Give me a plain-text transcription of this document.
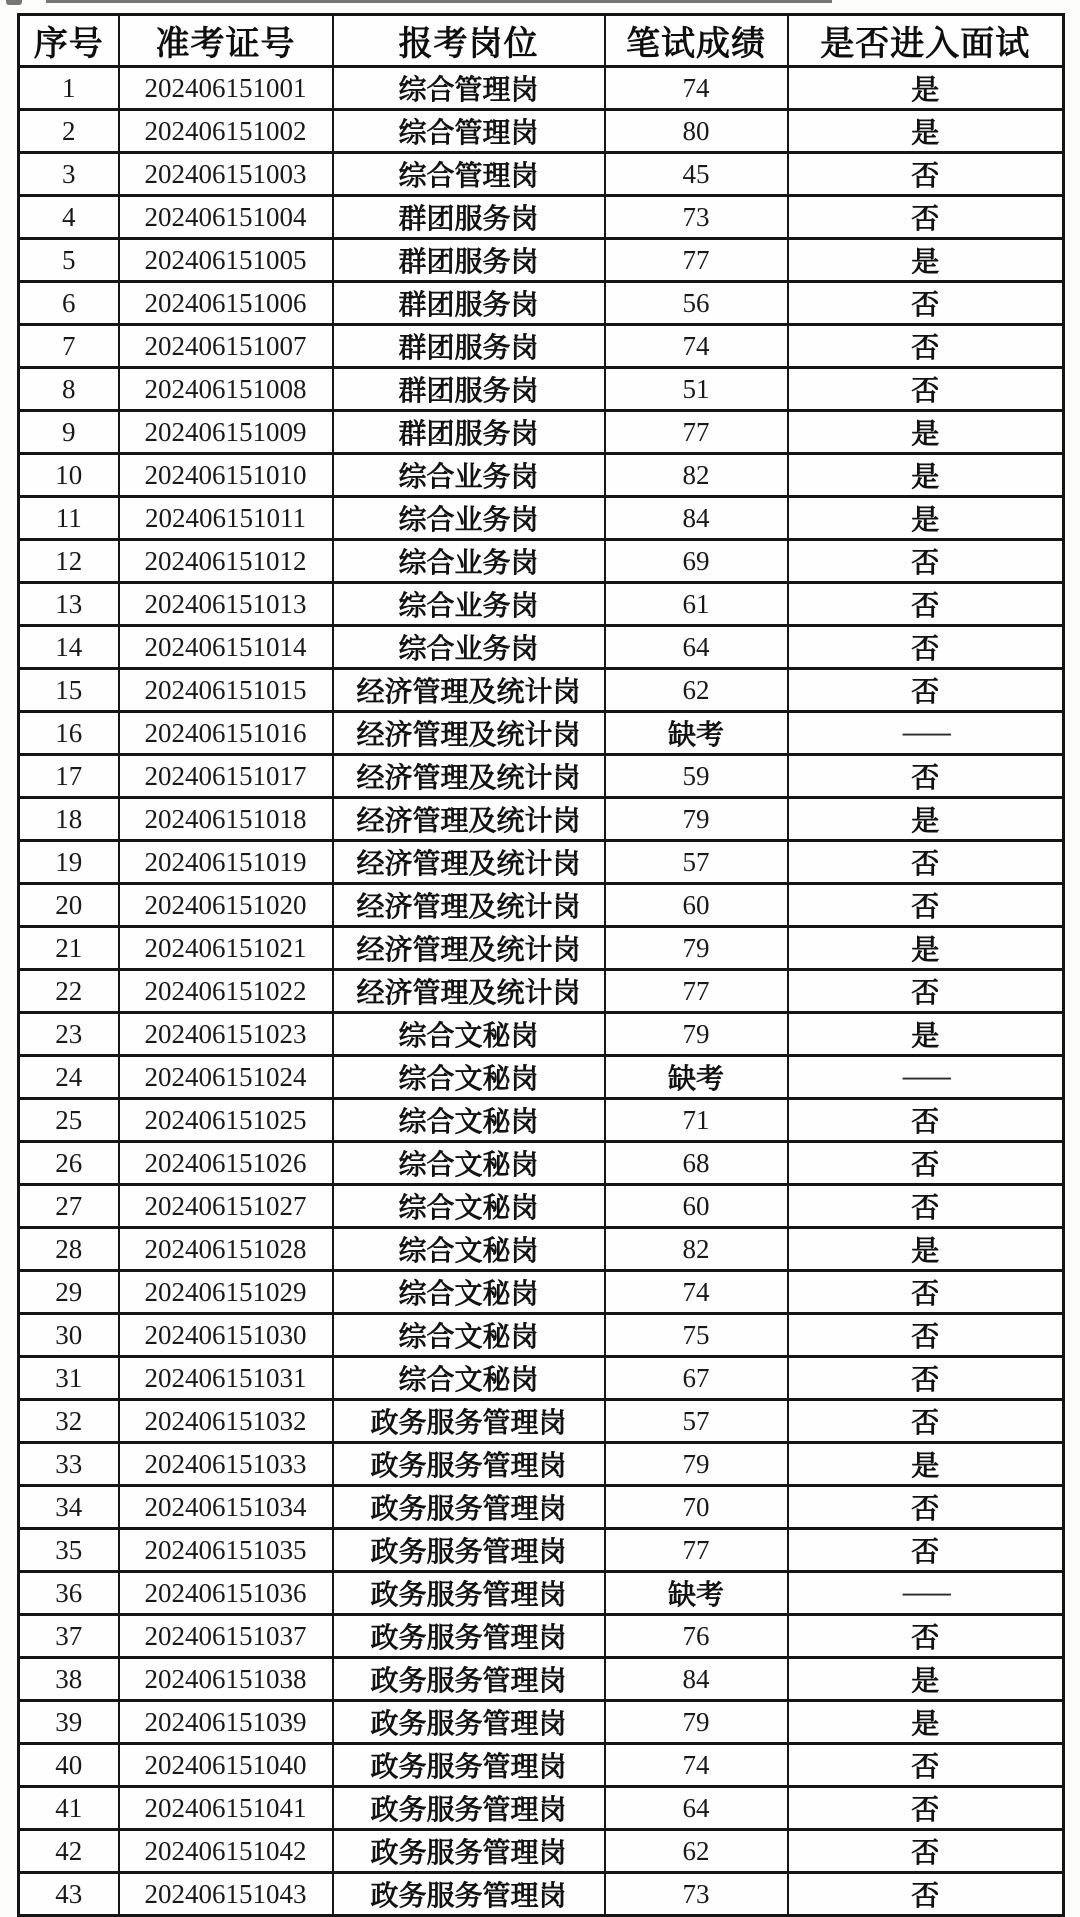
序号	准考证号	报考岗位	笔试成绩	是否进入面试
1	202406151001	综合管理岗	74	是
2	202406151002	综合管理岗	80	是
3	202406151003	综合管理岗	45	否
4	202406151004	群团服务岗	73	否
5	202406151005	群团服务岗	77	是
6	202406151006	群团服务岗	56	否
7	202406151007	群团服务岗	74	否
8	202406151008	群团服务岗	51	否
9	202406151009	群团服务岗	77	是
10	202406151010	综合业务岗	82	是
11	202406151011	综合业务岗	84	是
12	202406151012	综合业务岗	69	否
13	202406151013	综合业务岗	61	否
14	202406151014	综合业务岗	64	否
15	202406151015	经济管理及统计岗	62	否
16	202406151016	经济管理及统计岗	缺考	——
17	202406151017	经济管理及统计岗	59	否
18	202406151018	经济管理及统计岗	79	是
19	202406151019	经济管理及统计岗	57	否
20	202406151020	经济管理及统计岗	60	否
21	202406151021	经济管理及统计岗	79	是
22	202406151022	经济管理及统计岗	77	否
23	202406151023	综合文秘岗	79	是
24	202406151024	综合文秘岗	缺考	——
25	202406151025	综合文秘岗	71	否
26	202406151026	综合文秘岗	68	否
27	202406151027	综合文秘岗	60	否
28	202406151028	综合文秘岗	82	是
29	202406151029	综合文秘岗	74	否
30	202406151030	综合文秘岗	75	否
31	202406151031	综合文秘岗	67	否
32	202406151032	政务服务管理岗	57	否
33	202406151033	政务服务管理岗	79	是
34	202406151034	政务服务管理岗	70	否
35	202406151035	政务服务管理岗	77	否
36	202406151036	政务服务管理岗	缺考	——
37	202406151037	政务服务管理岗	76	否
38	202406151038	政务服务管理岗	84	是
39	202406151039	政务服务管理岗	79	是
40	202406151040	政务服务管理岗	74	否
41	202406151041	政务服务管理岗	64	否
42	202406151042	政务服务管理岗	62	否
43	202406151043	政务服务管理岗	73	否
